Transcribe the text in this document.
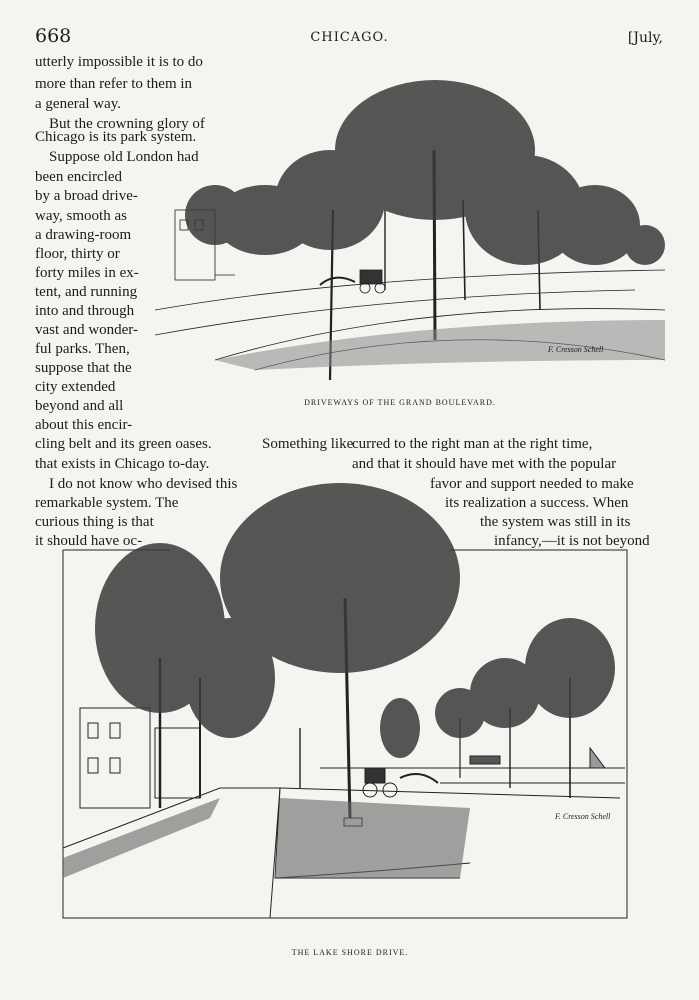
668	CHICAGO.	[July,
F. Cresson Schell
DRIVEWAYS OF THE GRAND BOULEVARD.
utterly impossible it is to do
more than refer to them in
a general way.
But the crowning glory of
Chicago is its park system.
Suppose old London had
been encircled
by a broad drive-
way, smooth as
a drawing-room
floor, thirty or
forty miles in ex-
tent, and running
into and through
vast and wonder-
ful parks. Then,
suppose that the
city extended
beyond and all
about this encir-
cling belt and its green oases.	Something like
curred to the right man at the right time,
that exists in Chicago to-day.	and that it should have met with the popular
I do not know who devised this	favor and support needed to make
remarkable system. The	its realization a success. When
curious thing is that	the system was still in its
it should have oc-	infancy,—it is not beyond
F. Cresson Schell
THE LAKE SHORE DRIVE.
